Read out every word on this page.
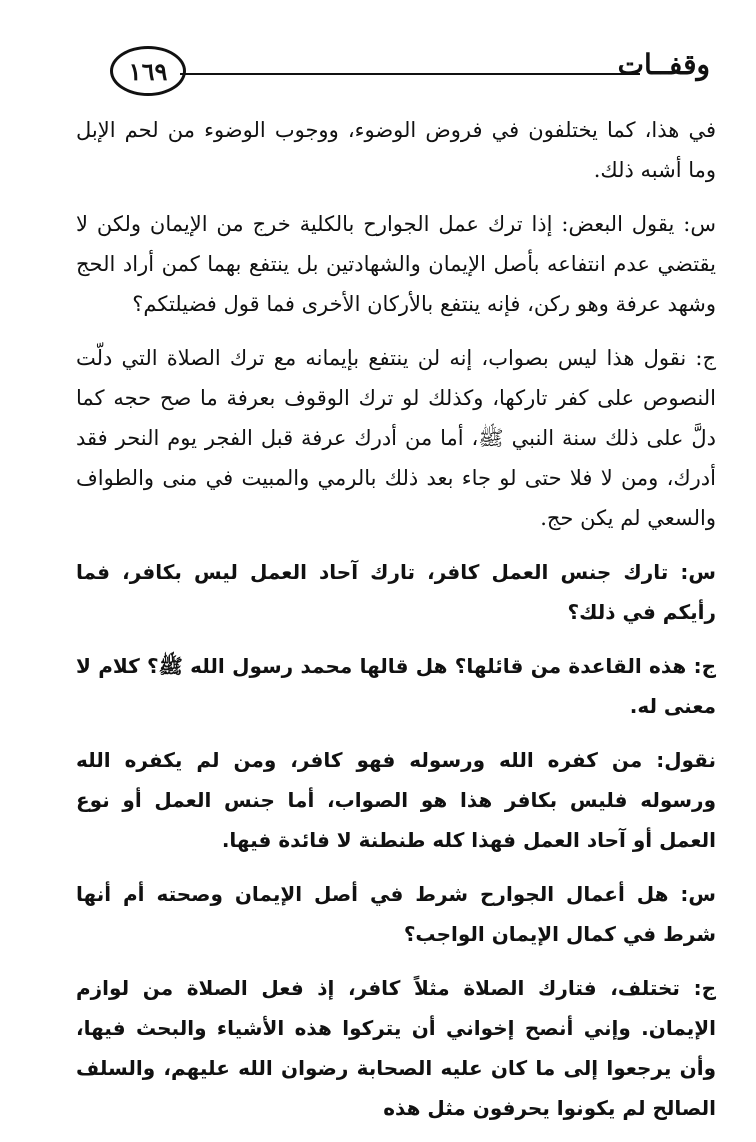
١٦٩	وقفــات

في هذا، كما يختلفون في فروض الوضوء، ووجوب الوضوء من لحم الإبل وما أشبه ذلك.

س: يقول البعض: إذا ترك عمل الجوارح بالكلية خرج من الإيمان ولكن لا يقتضي عدم انتفاعه بأصل الإيمان والشهادتين بل ينتفع بهما كمن أراد الحج وشهد عرفة وهو ركن، فإنه ينتفع بالأركان الأخرى فما قول فضيلتكم؟

ج: نقول هذا ليس بصواب، إنه لن ينتفع بإيمانه مع ترك الصلاة التي دلّت النصوص على كفر تاركها، وكذلك لو ترك الوقوف بعرفة ما صح حجه كما دلَّ على ذلك سنة النبي ﷺ، أما من أدرك عرفة قبل الفجر يوم النحر فقد أدرك، ومن لا فلا حتى لو جاء بعد ذلك بالرمي والمبيت في منى والطواف والسعي لم يكن حج.

س: تارك جنس العمل كافر، تارك آحاد العمل ليس بكافر، فما رأيكم في ذلك؟

ج: هذه القاعدة من قائلها؟ هل قالها محمد رسول الله ﷺ؟ كلام لا معنى له.

نقول: من كفره الله ورسوله فهو كافر، ومن لم يكفره الله ورسوله فليس بكافر هذا هو الصواب، أما جنس العمل أو نوع العمل أو آحاد العمل فهذا كله طنطنة لا فائدة فيها.

س: هل أعمال الجوارح شرط في أصل الإيمان وصحته أم أنها شرط في كمال الإيمان الواجب؟

ج: تختلف، فتارك الصلاة مثلاً كافر، إذ فعل الصلاة من لوازم الإيمان. وإني أنصح إخواني أن يتركوا هذه الأشياء والبحث فيها، وأن يرجعوا إلى ما كان عليه الصحابة رضوان الله عليهم، والسلف الصالح لم يكونوا يحرفون مثل هذه
